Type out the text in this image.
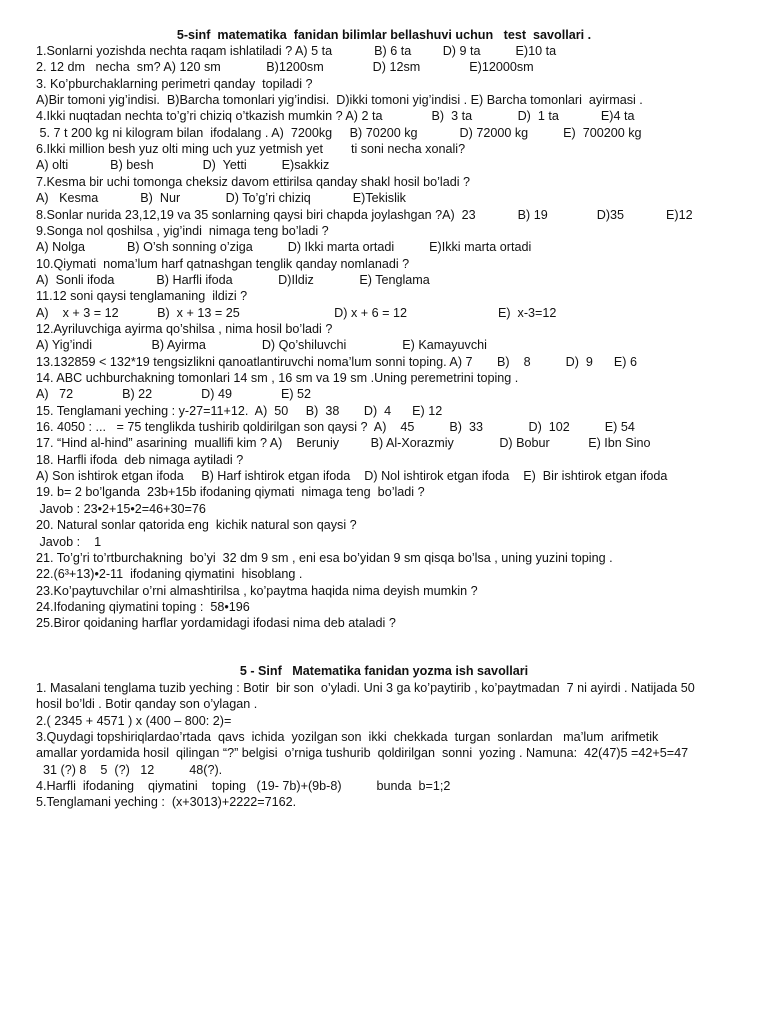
5-sinf  matematika  fanidan bilimlar bellashuvi uchun   test  savollari .
1.Sonlarni yozishda nechta raqam ishlatiladi ? A) 5 ta            B) 6 ta         D) 9 ta          E)10 ta
2. 12 dm   necha  sm? A) 120 sm             B)1200sm              D) 12sm              E)12000sm
3. Ko’pburchaklarning perimetri qanday  topiladi ?
A)Bir tomoni yig’indisi.  B)Barcha tomonlari yig’indisi.  D)ikki tomoni yig’indisi . E) Barcha tomonlari  ayirmasi .
4.Ikki nuqtadan nechta to’g’ri chiziq o’tkazish mumkin ? A) 2 ta              B)  3 ta             D)  1 ta            E)4 ta
5. 7 t 200 kg ni kilogram bilan  ifodalang . A)  7200kg     B) 70200 kg            D) 72000 kg          E)  700200 kg
6.Ikki million besh yuz olti ming uch yuz yetmish yet        ti soni necha xonali?
A) olti            B) besh              D)  Yetti          E)sakkiz
7.Kesma bir uchi tomonga cheksiz davom ettirilsa qanday shakl hosil bo’ladi ?
A)   Kesma            B)  Nur             D) To’g’ri chiziq            E)Tekislik
8.Sonlar nurida 23,12,19 va 35 sonlarning qaysi biri chapda joylashgan ?A)  23            B) 19              D)35            E)12
9.Songa nol qoshilsa , yig’indi  nimaga teng bo’ladi ?
A) Nolga            B) O’sh sonning o’ziga          D) Ikki marta ortadi          E)Ikki marta ortadi
10.Qiymati  noma’lum harf qatnashgan tenglik qanday nomlanadi ?
A)  Sonli ifoda            B) Harfli ifoda             D)Ildiz             E) Tenglama
11.12 soni qaysi tenglamaning  ildizi ?
A)    x + 3 = 12           B)  x + 13 = 25                           D) x + 6 = 12                          E)  x-3=12
12.Ayriluvchiga ayirma qo’shilsa , nima hosil bo’ladi ?
A) Yig’indi                 B) Ayirma                D) Qo’shiluvchi                E) Kamayuvchi
13.132859 < 132*19 tengsizlikni qanoatlantiruvchi noma’lum sonni toping. A) 7       B)    8          D)  9      E) 6
14. ABC uchburchakning tomonlari 14 sm , 16 sm va 19 sm .Uning peremetrini toping .
A)   72              B) 22              D) 49              E) 52
15. Tenglamani yeching : y-27=11+12.  A)  50     B)  38       D)  4      E) 12
16. 4050 : ...   = 75 tenglikda tushirib qoldirilgan son qaysi ?  A)    45          B)  33             D)  102          E) 54
17. “Hind al-hind” asarining  muallifi kim ? A)    Beruniy         B) Al-Xorazmiy             D) Bobur           E) Ibn Sino
18. Harfli ifoda  deb nimaga aytiladi ?
A) Son ishtirok etgan ifoda     B) Harf ishtirok etgan ifoda    D) Nol ishtirok etgan ifoda    E)  Bir ishtirok etgan ifoda
19. b= 2 bo’lganda  23b+15b ifodaning qiymati  nimaga teng  bo’ladi ?
Javob : 23•2+15•2=46+30=76
20. Natural sonlar qatorida eng  kichik natural son qaysi ?
Javob :    1
21. To’g’ri to’rtburchakning  bo’yi  32 dm 9 sm , eni esa bo’yidan 9 sm qisqa bo’lsa , uning yuzini toping .
22.(6³+13)•2-11  ifodaning qiymatini  hisoblang .
23.Ko’paytuvchilar o’rni almashtirilsa , ko’paytma haqida nima deyish mumkin ?
24.Ifodaning qiymatini toping :  58•196
25.Biror qoidaning harflar yordamidagi ifodasi nima deb ataladi ?
5 - Sinf   Matematika fanidan yozma ish savollari
1. Masalani tenglama tuzib yeching : Botir  bir son  o’yladi. Uni 3 ga ko’paytirib , ko’paytmadan  7 ni ayirdi . Natijada 50
hosil bo’ldi . Botir qanday son o’ylagan .
2.( 2345 + 4571 ) x (400 – 800: 2)=
3.Quydagi topshiriqlardao’rtada  qavs  ichida  yozilgan son  ikki  chekkada  turgan  sonlardan   ma’lum  arifmetik
amallar yordamida hosil  qilingan “?” belgisi  o’rniga tushurib  qoldirilgan  sonni  yozing . Namuna:  42(47)5 =42+5=47
31 (?) 8    5  (?)   12          48(?).
4.Harfli  ifodaning    qiymatini    toping   (19- 7b)+(9b-8)          bunda  b=1;2
5.Tenglamani yeching :  (x+3013)+2222=7162.
